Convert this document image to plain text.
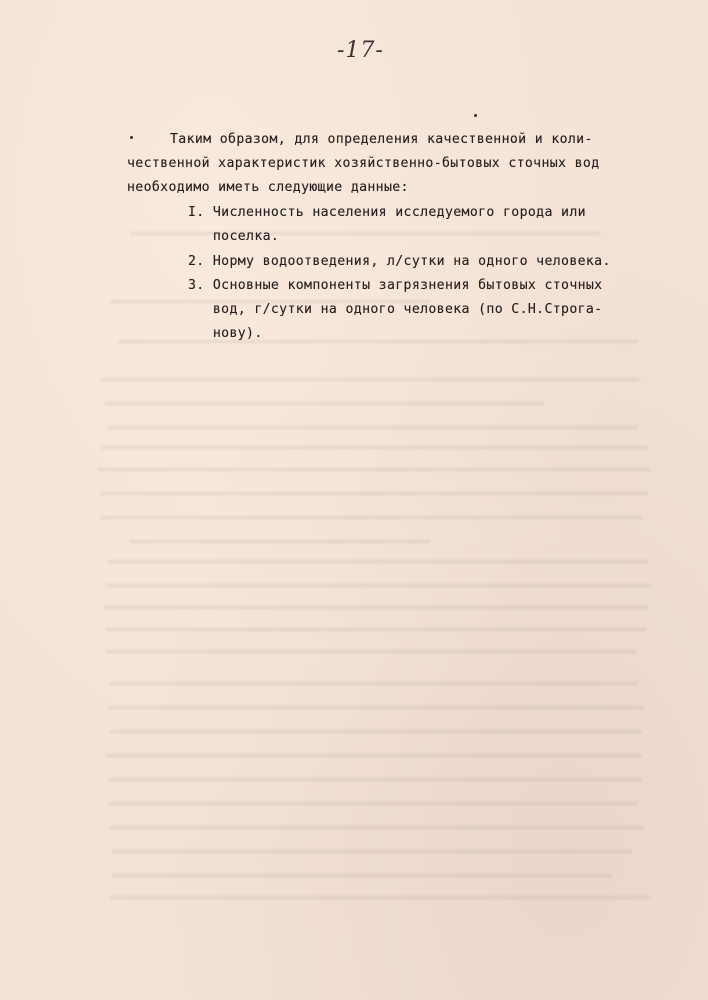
-17-
Таким образом, для определения качественной и коли-
чественной характеристик хозяйственно-бытовых сточных вод
необходимо иметь следующие данные:
I. Численность населения исследуемого города или
поселка.
2. Норму водоотведения, л/сутки на одного человека.
3. Основные компоненты загрязнения бытовых сточных
вод, г/сутки на одного человека (по С.Н.Строга-
нову).
